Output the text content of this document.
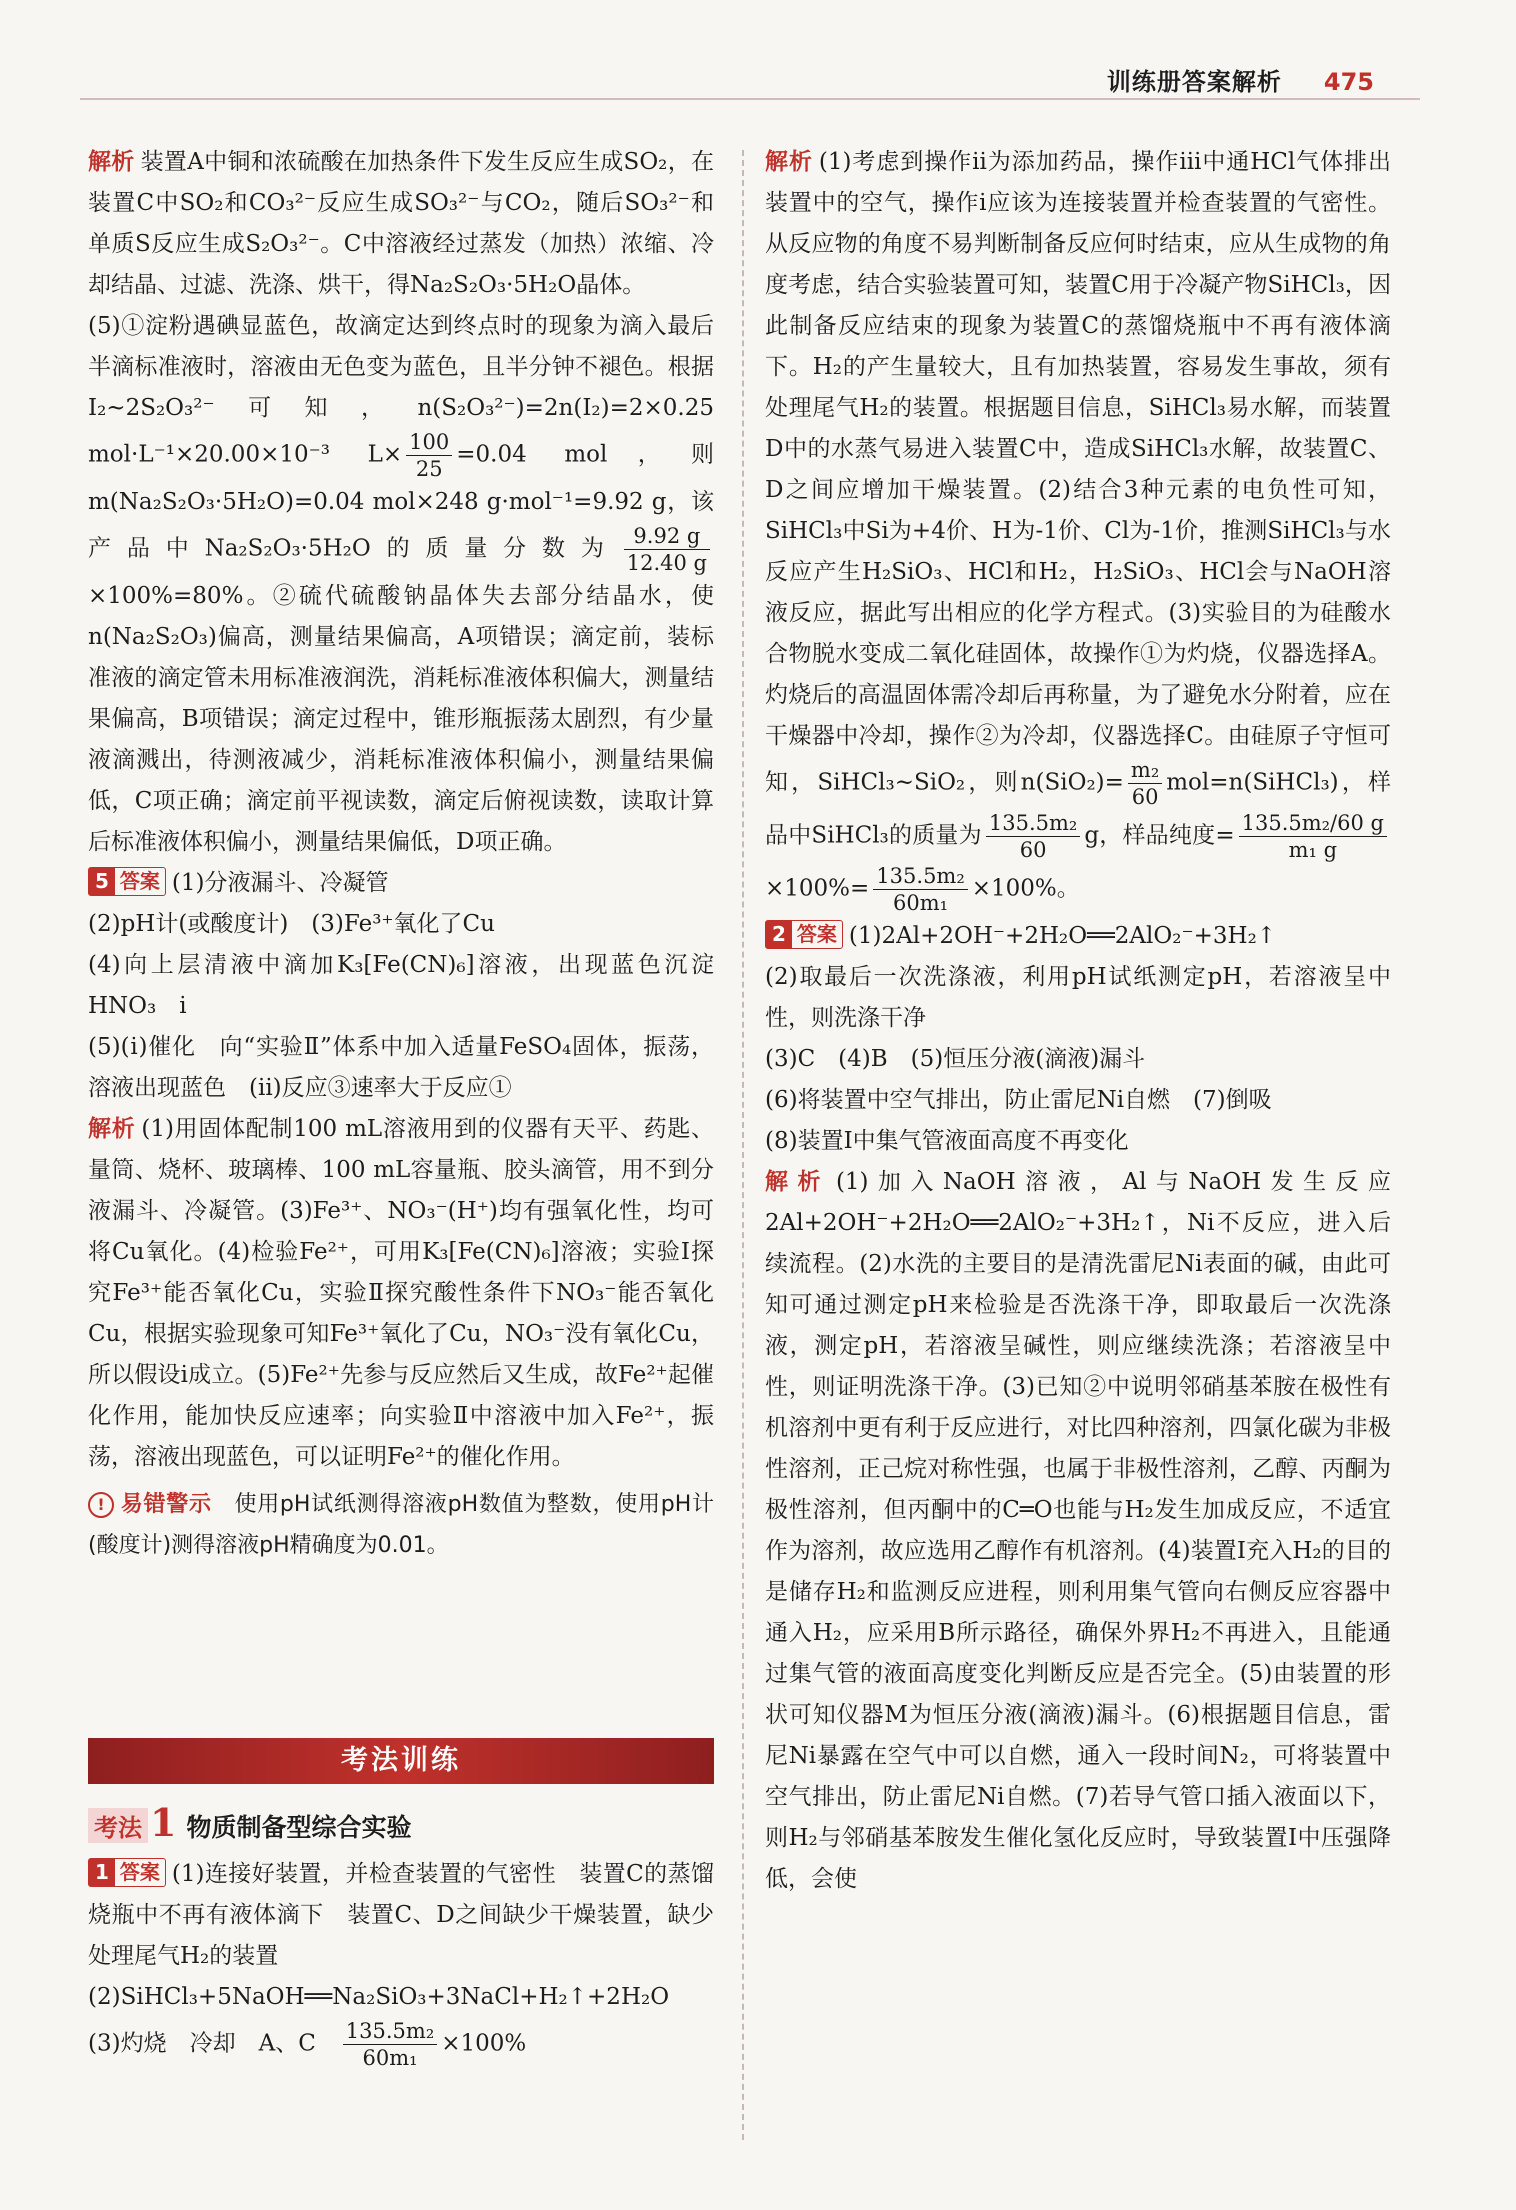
训练册答案解析 475

解析 装置A中铜和浓硫酸在加热条件下发生反应生成SO₂，在装置C中SO₂和CO₃²⁻反应生成SO₃²⁻与CO₂，随后SO₃²⁻和单质S反应生成S₂O₃²⁻。C中溶液经过蒸发（加热）浓缩、冷却结晶、过滤、洗涤、烘干，得Na₂S₂O₃·5H₂O晶体。

(5)①淀粉遇碘显蓝色，故滴定达到终点时的现象为滴入最后半滴标准液时，溶液由无色变为蓝色，且半分钟不褪色。根据I₂~2S₂O₃²⁻可知，n(S₂O₃²⁻)=2n(I₂)=2×0.25 mol·L⁻¹×20.00×10⁻³ $L\times \frac{100}{25} =0.04$ mol，则m(Na₂S₂O₃·5H₂O)=0.04 mol×248 g·mol⁻¹=9.92 g，该产品中Na₂S₂O₃·5H₂O的质量分数为 $\frac{9.92 g}{12.40 g}$
×100%=80%。②硫代硫酸钠晶体失去部分结晶水，使n(Na₂S₂O₃)偏高，测量结果偏高，A项错误；滴定前，装标准液的滴定管未用标准液润洗，消耗标准液体积偏大，测量结果偏高，B项错误；滴定过程中，锥形瓶振荡太剧烈，有少量液滴溅出，待测液减少，消耗标准液体积偏小，测量结果偏低，C项正确；滴定前平视读数，滴定后俯视读数，读取计算后标准液体积偏小，测量结果偏低，D项正确。

5 答案 (1)分液漏斗、冷凝管

(2)pH计(或酸度计)　(3)Fe³⁺氧化了Cu

(4)向上层清液中滴加K₃[Fe(CN)₆]溶液，出现蓝色沉淀　HNO₃　ⅰ

(5)(ⅰ)催化　向“实验Ⅱ”体系中加入适量FeSO₄固体，振荡，溶液出现蓝色　(ⅱ)反应③速率大于反应①

解析 (1)用固体配制100 mL溶液用到的仪器有天平、药匙、量筒、烧杯、玻璃棒、100 mL容量瓶、胶头滴管，用不到分液漏斗、冷凝管。(3)Fe³⁺、NO₃⁻(H⁺)均有强氧化性，均可将Cu氧化。(4)检验Fe²⁺，可用K₃[Fe(CN)₆]溶液；实验Ⅰ探究Fe³⁺能否氧化Cu，实验Ⅱ探究酸性条件下NO₃⁻能否氧化Cu，根据实验现象可知Fe³⁺氧化了Cu，NO₃⁻没有氧化Cu，所以假设ⅰ成立。(5)Fe²⁺先参与反应然后又生成，故Fe²⁺起催化作用，能加快反应速率；向实验Ⅱ中溶液中加入Fe²⁺，振荡，溶液出现蓝色，可以证明Fe²⁺的催化作用。

! 易错警示　 使用pH试纸测得溶液pH数值为整数，使用pH计(酸度计)测得溶液pH精确度为0.01。

考法训练
考法 1 物质制备型综合实验

1 答案 (1)连接好装置，并检查装置的气密性　装置C的蒸馏烧瓶中不再有液体滴下　装置C、D之间缺少干燥装置，缺少处理尾气H₂的装置

(2)SiHCl₃+5NaOH══Na₂SiO₃+3NaCl+H₂↑+2H₂O

(3)灼烧　冷却　A、C　 $\frac{\text{135.5m₂}}{\text{60m₁}} \times 100\%$

解析 (1)考虑到操作ⅱ为添加药品，操作ⅲ中通HCl气体排出装置中的空气，操作ⅰ应该为连接装置并检查装置的气密性。从反应物的角度不易判断制备反应何时结束，应从生成物的角度考虑，结合实验装置可知，装置C用于冷凝产物SiHCl₃，因此制备反应结束的现象为装置C的蒸馏烧瓶中不再有液体滴下。H₂的产生量较大，且有加热装置，容易发生事故，须有处理尾气H₂的装置。根据题目信息，SiHCl₃易水解，而装置D中的水蒸气易进入装置C中，造成SiHCl₃水解，故装置C、D之间应增加干燥装置。(2)结合3种元素的电负性可知，SiHCl₃中Si为+4价、H为-1价、Cl为-1价，推测SiHCl₃与水反应产生H₂SiO₃、HCl和H₂，H₂SiO₃、HCl会与NaOH溶液反应，据此写出相应的化学方程式。(3)实验目的为硅酸水合物脱水变成二氧化硅固体，故操作①为灼烧，仪器选择A。灼烧后的高温固体需冷却后再称量，为了避免水分附着，应在干燥器中冷却，操作②为冷却，仪器选择C。由硅原子守恒可知，SiHCl₃~SiO₂，则$n(SiO_2)= \frac{\text{m₂}}{60}$ mol=n(SiHCl₃)，样品中SiHCl₃的质量为 $\frac{\text{135.5m₂}}{60}$ g，样品纯度= $\frac{\text{135.5m₂/60 g}}{\text{m₁ g}}$
$\times 100\%= \frac{\text{135.5m₂}}{\text{60m₁}} \times 100\%$。

2 答案 (1)2Al+2OH⁻+2H₂O══2AlO₂⁻+3H₂↑

(2)取最后一次洗涤液，利用pH试纸测定pH，若溶液呈中性，则洗涤干净

(3)C　(4)B　(5)恒压分液(滴液)漏斗

(6)将装置中空气排出，防止雷尼Ni自燃　(7)倒吸

(8)装置Ⅰ中集气管液面高度不再变化

解析 (1)加入NaOH溶液，Al与NaOH发生反应2Al+2OH⁻+2H₂O══2AlO₂⁻+3H₂↑，Ni不反应，进入后续流程。(2)水洗的主要目的是清洗雷尼Ni表面的碱，由此可知可通过测定pH来检验是否洗涤干净，即取最后一次洗涤液，测定pH，若溶液呈碱性，则应继续洗涤；若溶液呈中性，则证明洗涤干净。(3)已知②中说明邻硝基苯胺在极性有机溶剂中更有利于反应进行，对比四种溶剂，四氯化碳为非极性溶剂，正己烷对称性强，也属于非极性溶剂，乙醇、丙酮为极性溶剂，但丙酮中的C═O也能与H₂发生加成反应，不适宜作为溶剂，故应选用乙醇作有机溶剂。(4)装置Ⅰ充入H₂的目的是储存H₂和监测反应进程，则利用集气管向右侧反应容器中通入H₂，应采用B所示路径，确保外界H₂不再进入，且能通过集气管的液面高度变化判断反应是否完全。(5)由装置的形状可知仪器M为恒压分液(滴液)漏斗。(6)根据题目信息，雷尼Ni暴露在空气中可以自燃，通入一段时间N₂，可将装置中空气排出，防止雷尼Ni自燃。(7)若导气管口插入液面以下，则H₂与邻硝基苯胺发生催化氢化反应时，导致装置Ⅰ中压强降低，会使
